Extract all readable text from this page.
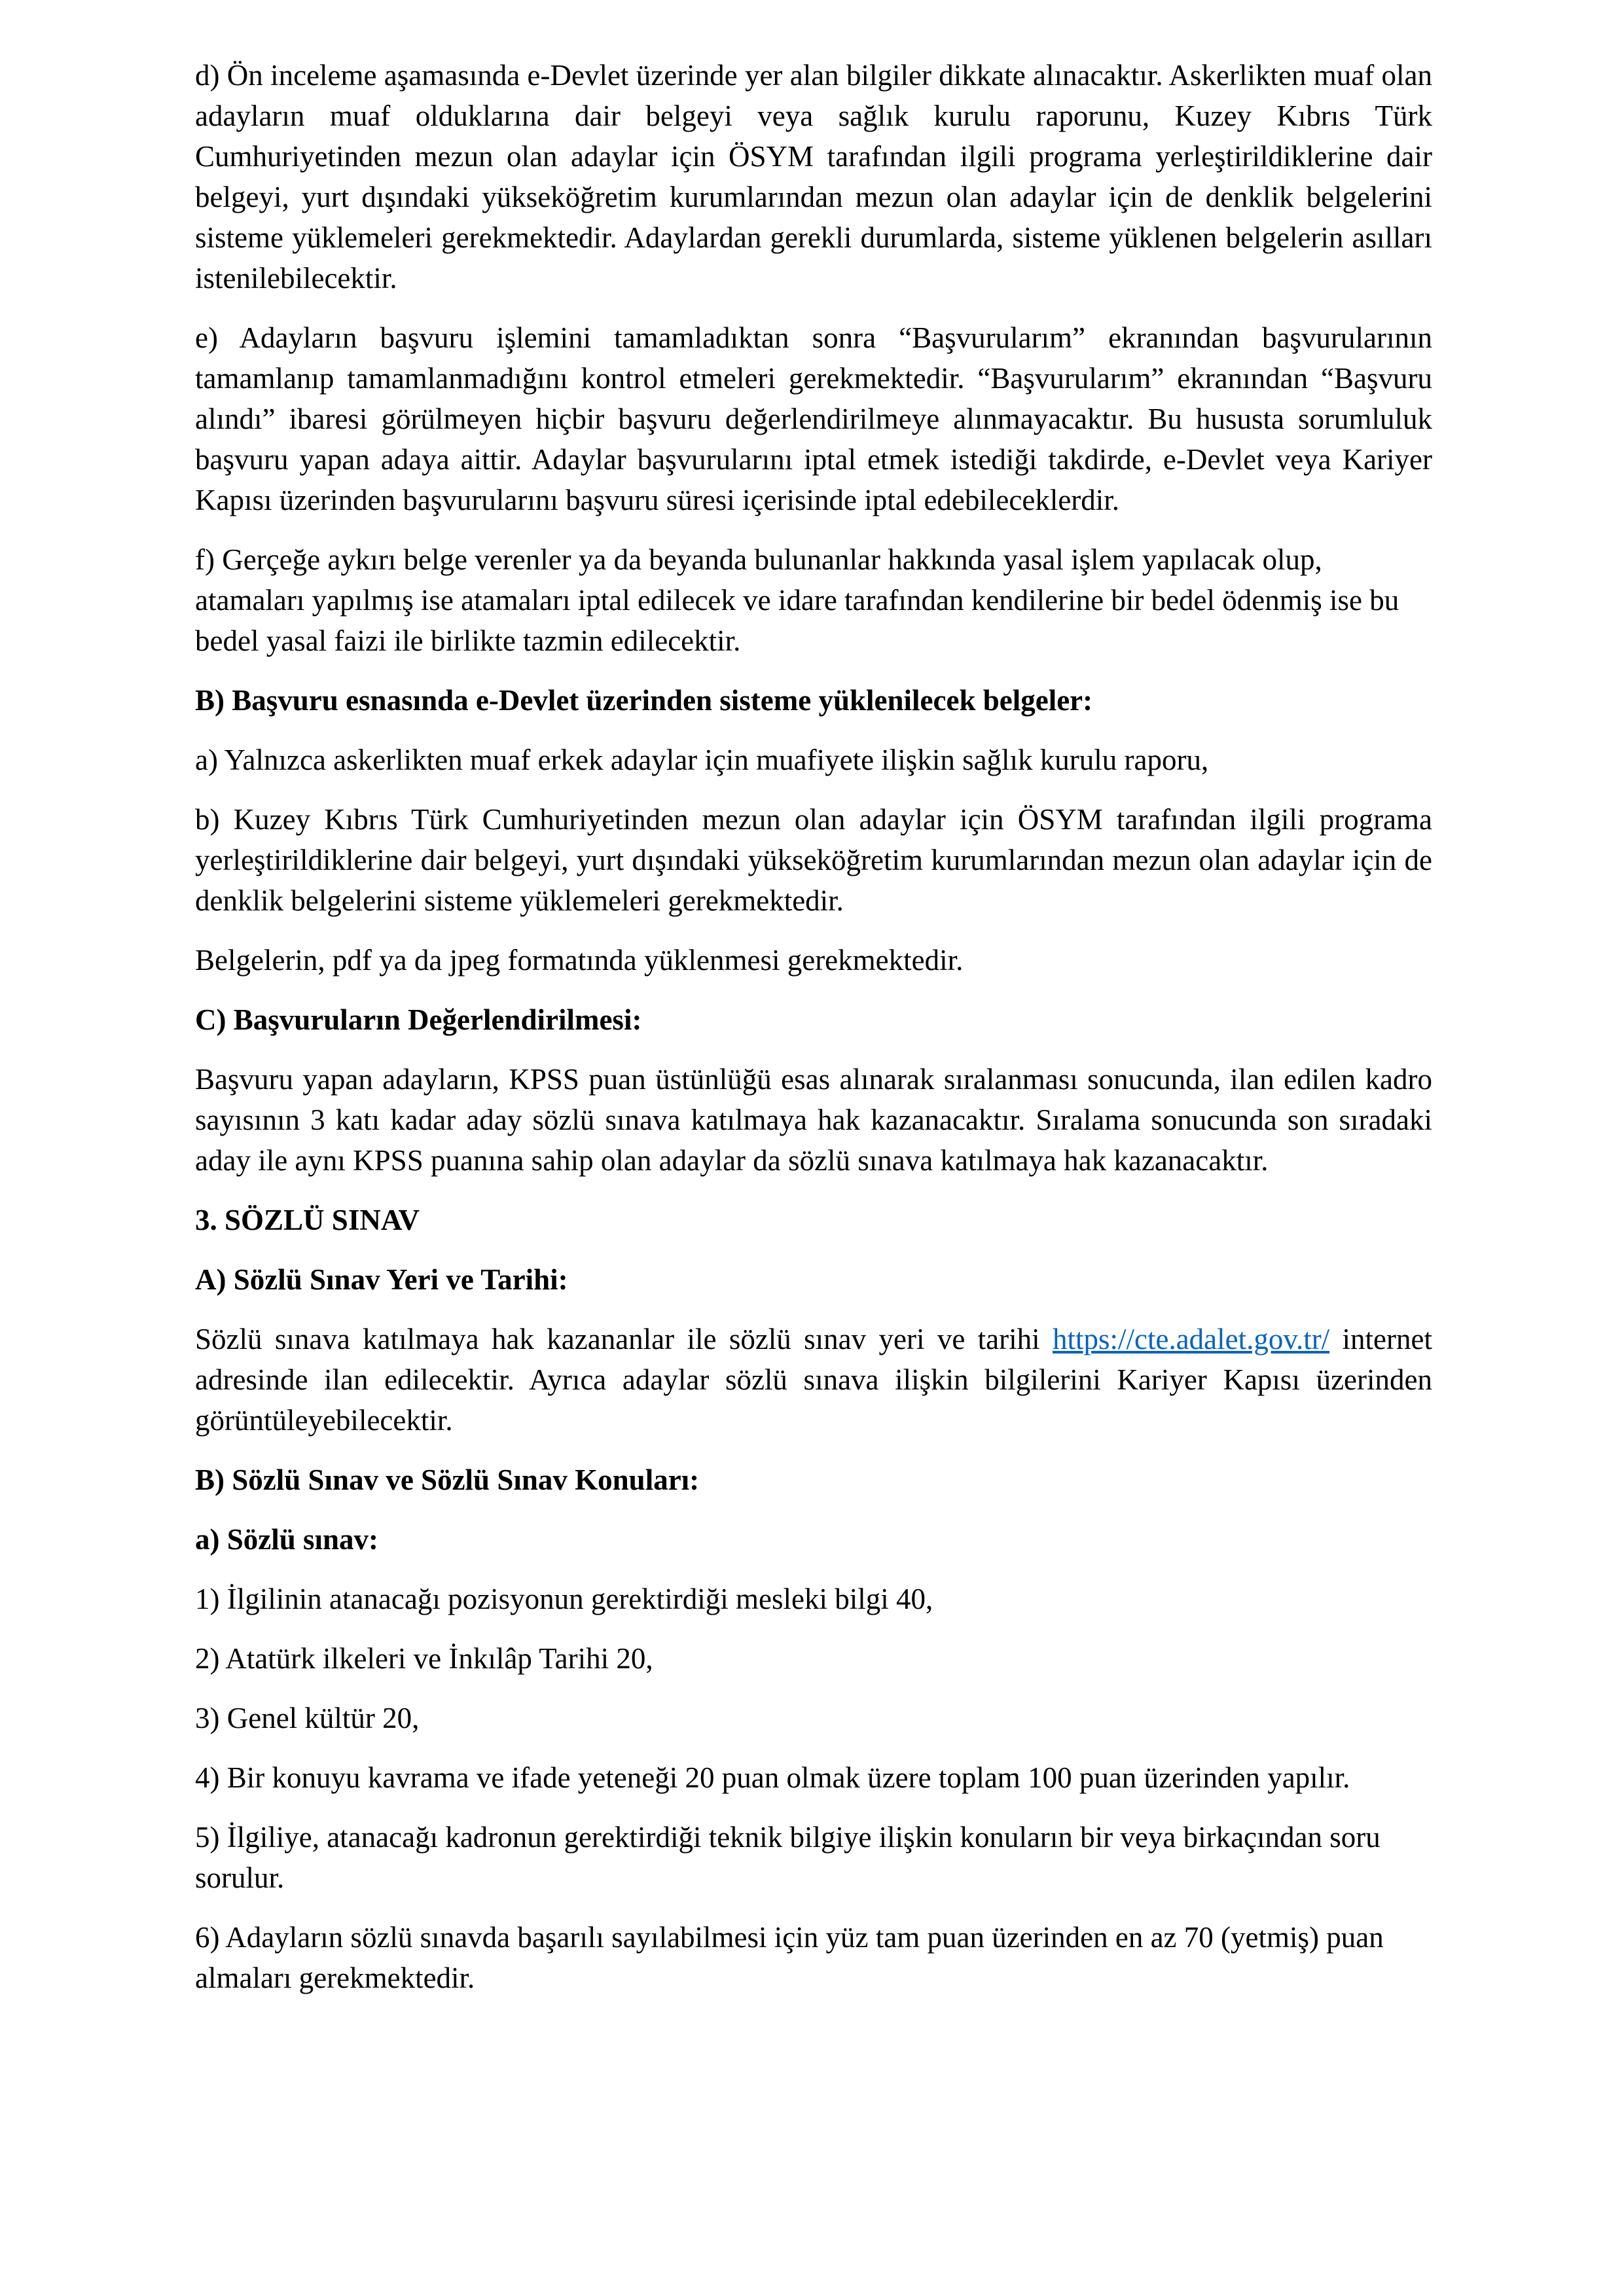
d) Ön inceleme aşamasında e-Devlet üzerinde yer alan bilgiler dikkate alınacaktır. Askerlikten muaf olan adayların muaf olduklarına dair belgeyi veya sağlık kurulu raporunu, Kuzey Kıbrıs Türk Cumhuriyetinden mezun olan adaylar için ÖSYM tarafından ilgili programa yerleştirildiklerine dair belgeyi, yurt dışındaki yükseköğretim kurumlarından mezun olan adaylar için de denklik belgelerini sisteme yüklemeleri gerekmektedir. Adaylardan gerekli durumlarda, sisteme yüklenen belgelerin asılları istenilebilecektir.

e) Adayların başvuru işlemini tamamladıktan sonra “Başvurularım” ekranından başvurularının tamamlanıp tamamlanmadığını kontrol etmeleri gerekmektedir. “Başvurularım” ekranından “Başvuru alındı” ibaresi görülmeyen hiçbir başvuru değerlendirilmeye alınmayacaktır. Bu hususta sorumluluk başvuru yapan adaya aittir. Adaylar başvurularını iptal etmek istediği takdirde, e-Devlet veya Kariyer Kapısı üzerinden başvurularını başvuru süresi içerisinde iptal edebileceklerdir.

f) Gerçeğe aykırı belge verenler ya da beyanda bulunanlar hakkında yasal işlem yapılacak olup, atamaları yapılmış ise atamaları iptal edilecek ve idare tarafından kendilerine bir bedel ödenmiş ise bu bedel yasal faizi ile birlikte tazmin edilecektir.

B) Başvuru esnasında e-Devlet üzerinden sisteme yüklenilecek belgeler:

a) Yalnızca askerlikten muaf erkek adaylar için muafiyete ilişkin sağlık kurulu raporu,

b) Kuzey Kıbrıs Türk Cumhuriyetinden mezun olan adaylar için ÖSYM tarafından ilgili programa yerleştirildiklerine dair belgeyi, yurt dışındaki yükseköğretim kurumlarından mezun olan adaylar için de denklik belgelerini sisteme yüklemeleri gerekmektedir.

Belgelerin, pdf ya da jpeg formatında yüklenmesi gerekmektedir.

C) Başvuruların Değerlendirilmesi:

Başvuru yapan adayların, KPSS puan üstünlüğü esas alınarak sıralanması sonucunda, ilan edilen kadro sayısının 3 katı kadar aday sözlü sınava katılmaya hak kazanacaktır. Sıralama sonucunda son sıradaki aday ile aynı KPSS puanına sahip olan adaylar da sözlü sınava katılmaya hak kazanacaktır.

3. SÖZLÜ SINAV

A) Sözlü Sınav Yeri ve Tarihi:

Sözlü sınava katılmaya hak kazananlar ile sözlü sınav yeri ve tarihi https://cte.adalet.gov.tr/ internet adresinde ilan edilecektir. Ayrıca adaylar sözlü sınava ilişkin bilgilerini Kariyer Kapısı üzerinden görüntüleyebilecektir.

B) Sözlü Sınav ve Sözlü Sınav Konuları:

a) Sözlü sınav:

1) İlgilinin atanacağı pozisyonun gerektirdiği mesleki bilgi 40,

2) Atatürk ilkeleri ve İnkılâp Tarihi 20,

3) Genel kültür 20,

4) Bir konuyu kavrama ve ifade yeteneği 20 puan olmak üzere toplam 100 puan üzerinden yapılır.

5) İlgiliye, atanacağı kadronun gerektirdiği teknik bilgiye ilişkin konuların bir veya birkaçından soru sorulur.

6) Adayların sözlü sınavda başarılı sayılabilmesi için yüz tam puan üzerinden en az 70 (yetmiş) puan almaları gerekmektedir.
